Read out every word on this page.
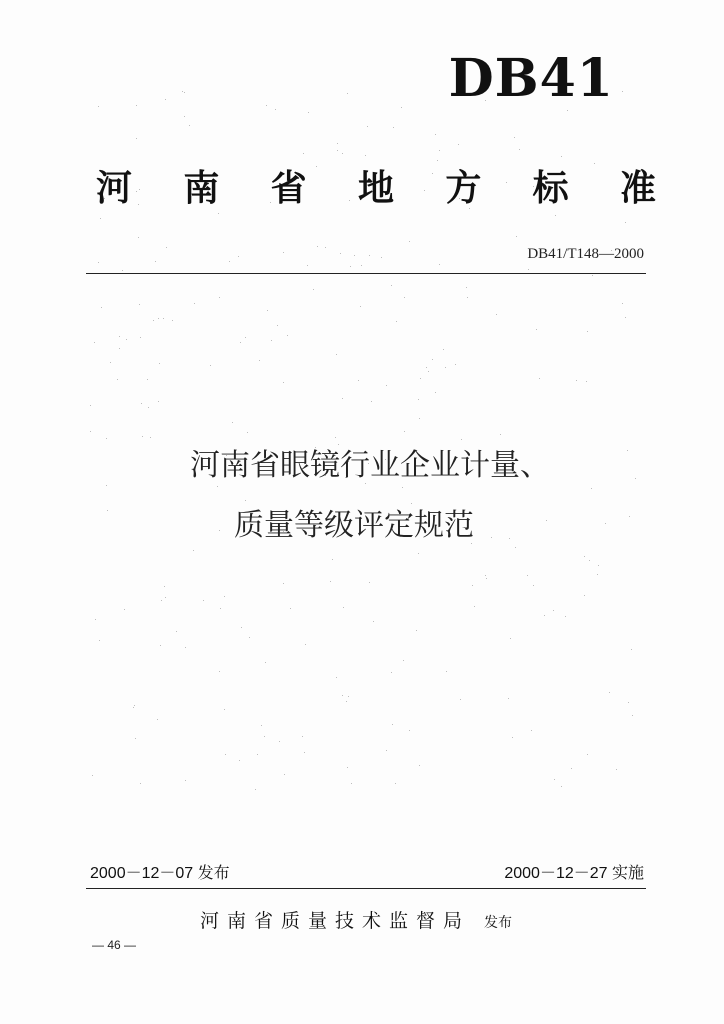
DB41
河 南 省 地 方 标 准
DB41/T148—2000
河南省眼镜行业企业计量、
质量等级评定规范
2000－12－07 发布	2000－12－27 实施
河南省质量技术监督局 发布
— 46 —
